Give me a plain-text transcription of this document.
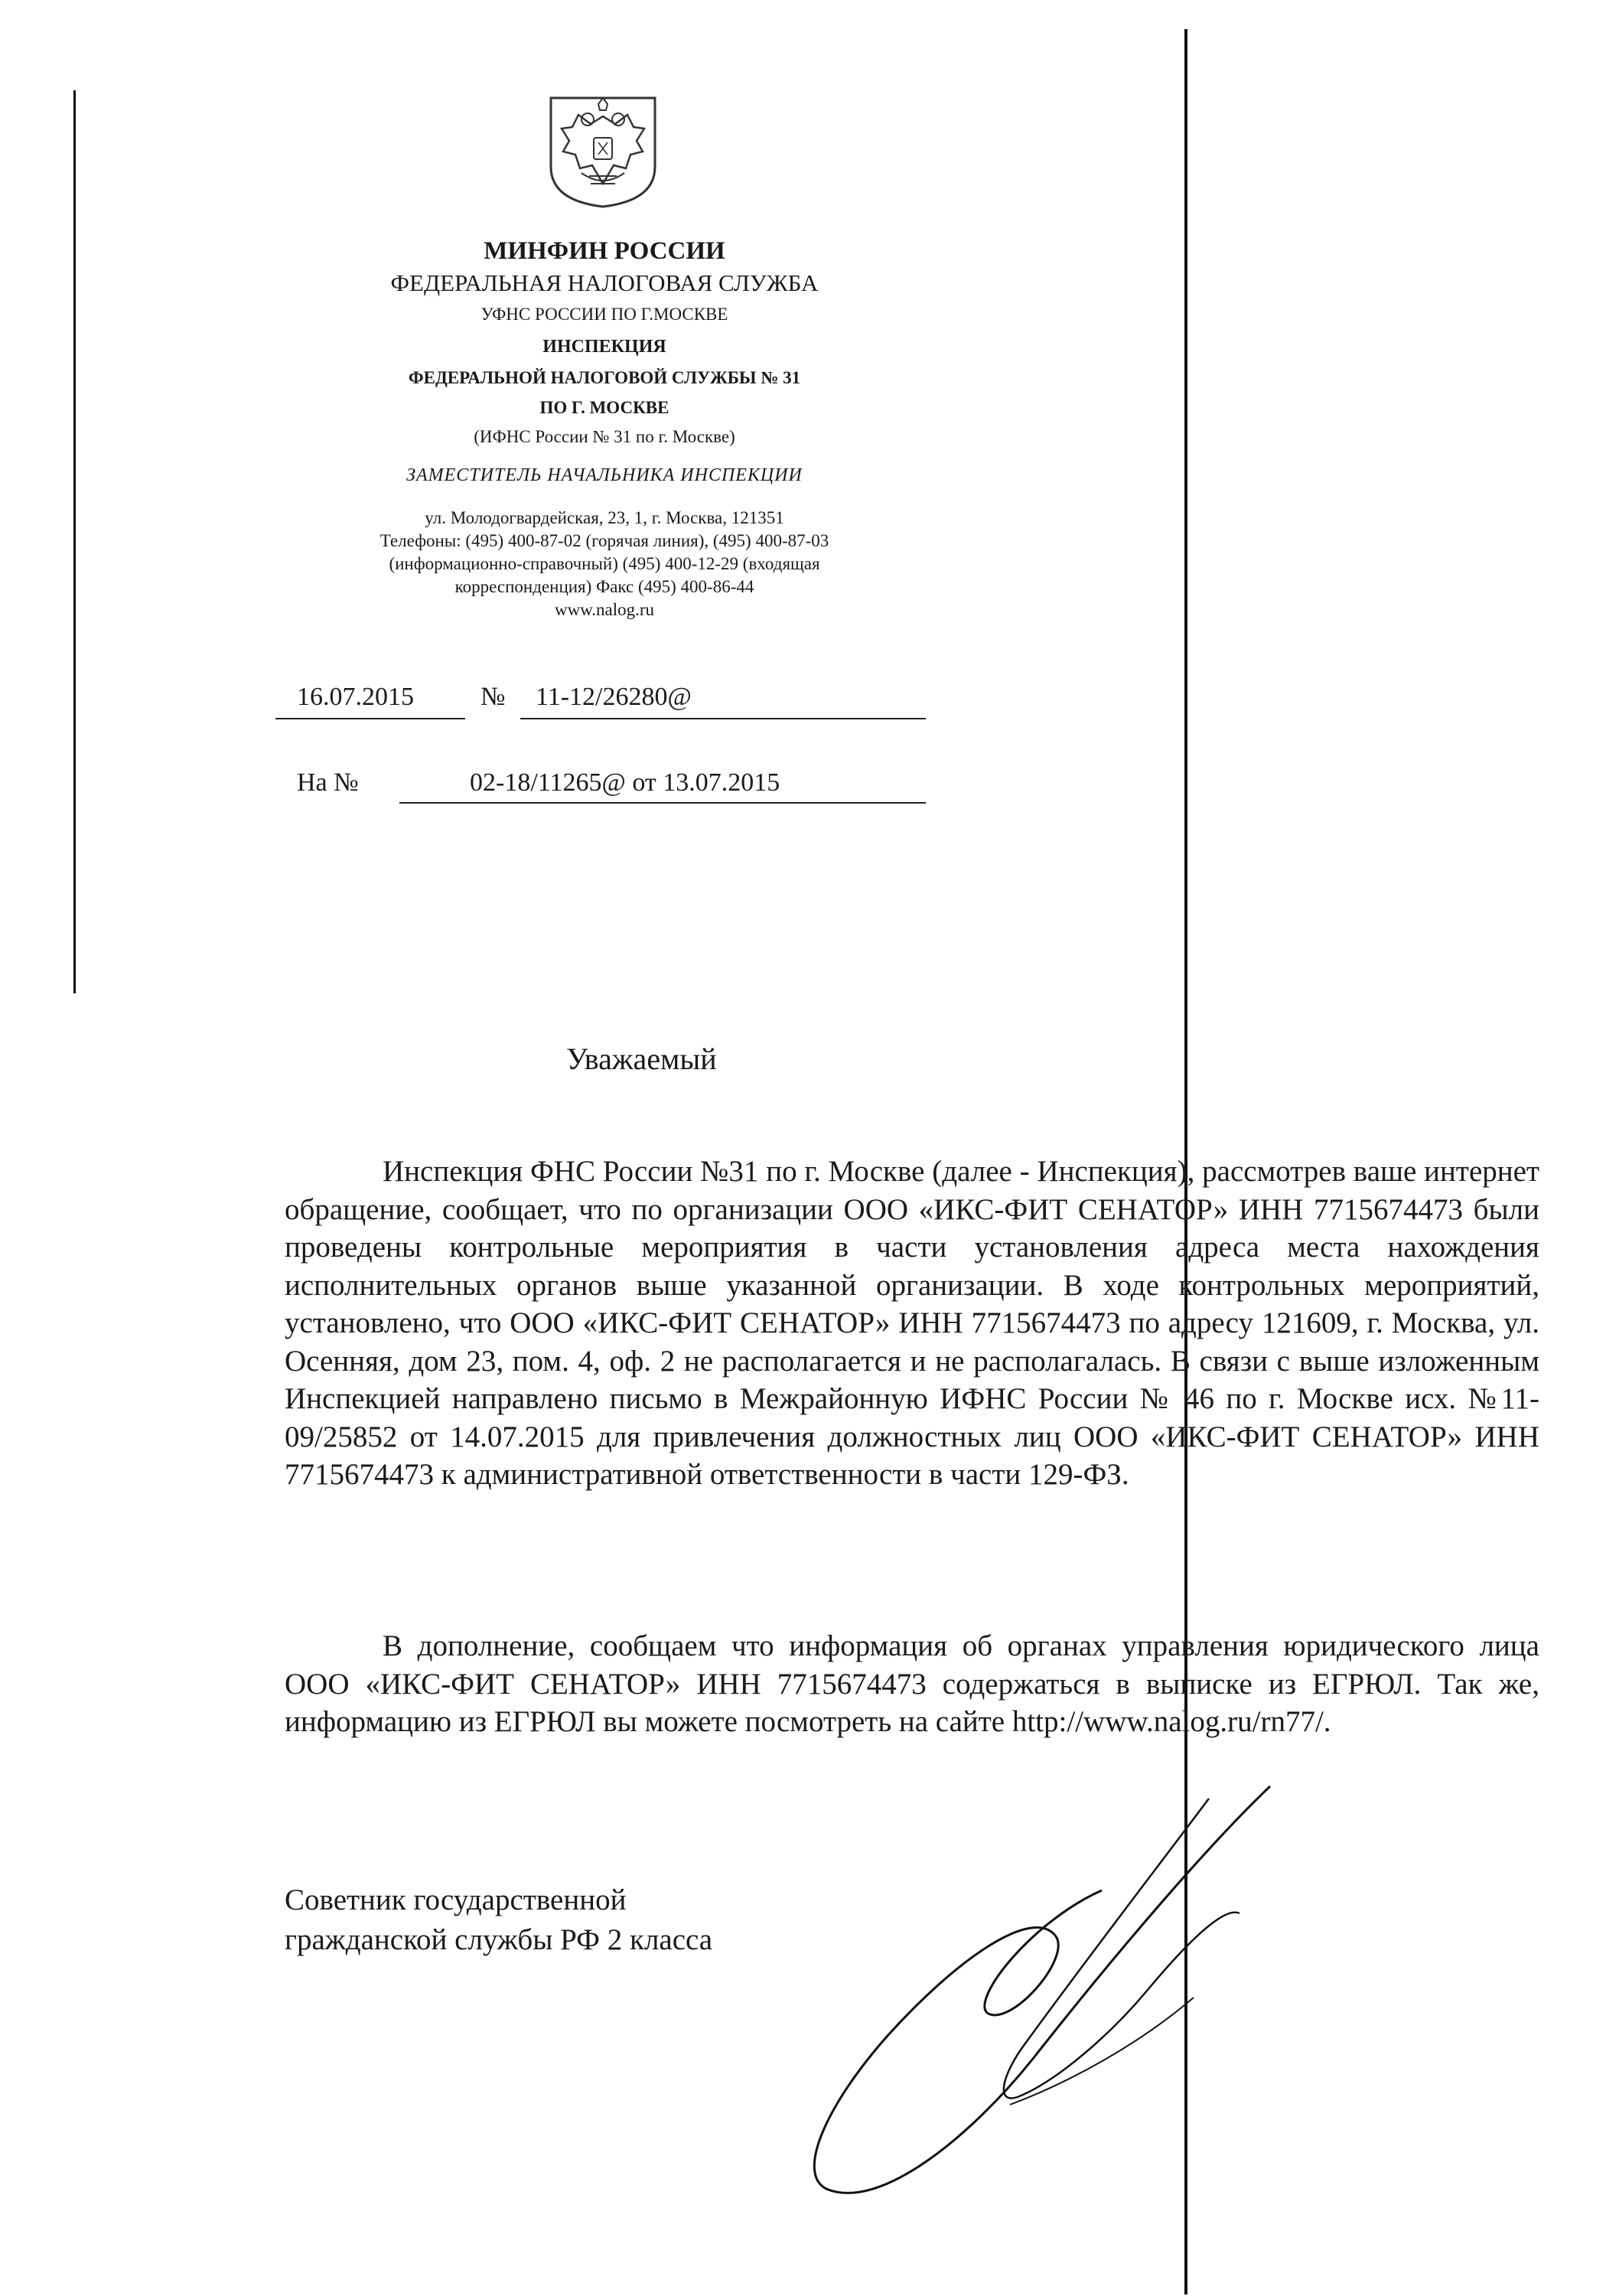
МИНФИН РОССИИ
ФЕДЕРАЛЬНАЯ НАЛОГОВАЯ СЛУЖБА
УФНС РОССИИ ПО Г.МОСКВЕ
ИНСПЕКЦИЯ
ФЕДЕРАЛЬНОЙ НАЛОГОВОЙ СЛУЖБЫ № 31
ПО Г. МОСКВЕ
(ИФНС России № 31 по г. Москве)
ЗАМЕСТИТЕЛЬ НАЧАЛЬНИКА ИНСПЕКЦИИ
ул. Молодогвардейская, 23, 1, г. Москва, 121351
Телефоны: (495) 400-87-02 (горячая линия), (495) 400-87-03
(информационно-справочный) (495) 400-12-29 (входящая
корреспонденция) Факс (495) 400-86-44
www.nalog.ru
16.07.2015	№ 11-12/26280@
На №	02-18/11265@ от 13.07.2015
Уважаемый

Инспекция ФНС России №31 по г. Москве (далее - Инспекция), рассмотрев ваше интернет обращение, сообщает, что по организации ООО «ИКС-ФИТ СЕНАТОР» ИНН 7715674473 были проведены контрольные мероприятия в части установления адреса места нахождения исполнительных органов выше указанной организации. В ходе контрольных мероприятий, установлено, что ООО «ИКС-ФИТ СЕНАТОР» ИНН 7715674473 по адресу 121609, г. Москва, ул. Осенняя, дом 23, пом. 4, оф. 2 не располагается и не располагалась. В связи с выше изложенным Инспекцией направлено письмо в Межрайонную ИФНС России № 46 по г. Москве исх. №11-09/25852 от 14.07.2015 для привлечения должностных лиц ООО «ИКС-ФИТ СЕНАТОР» ИНН 7715674473 к административной ответственности в части 129-ФЗ.

В дополнение, сообщаем что информация об органах управления юридического лица ООО «ИКС-ФИТ СЕНАТОР» ИНН 7715674473 содержаться в выписке из ЕГРЮЛ. Так же, информацию из ЕГРЮЛ вы можете посмотреть на сайте http://www.nalog.ru/rn77/.

Советник государственной
гражданской службы РФ 2 класса
